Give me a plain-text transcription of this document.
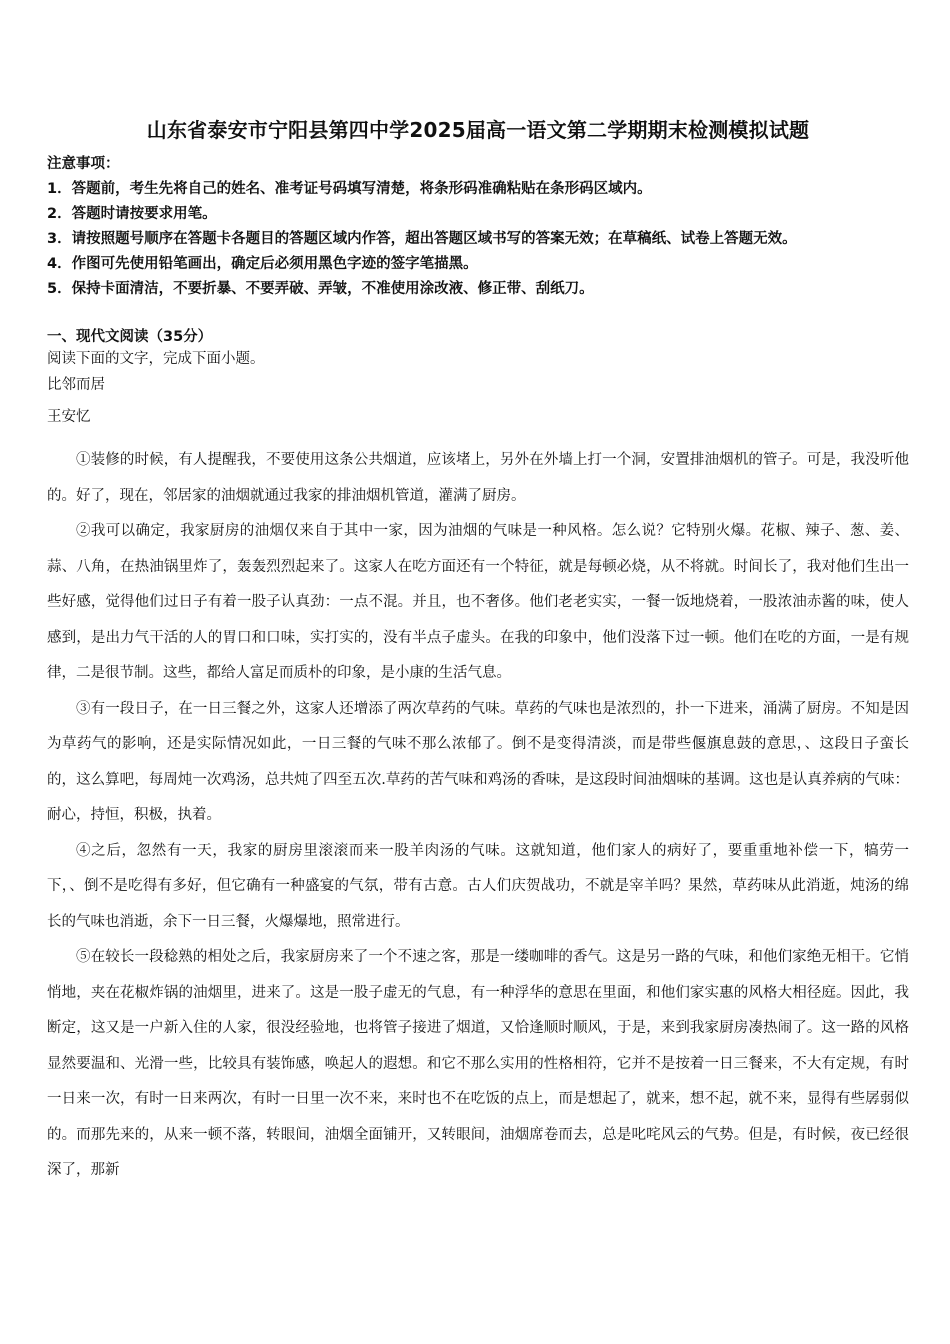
山东省泰安市宁阳县第四中学2025届高一语文第二学期期末检测模拟试题
注意事项：
1．答题前，考生先将自己的姓名、准考证号码填写清楚，将条形码准确粘贴在条形码区域内。
2．答题时请按要求用笔。
3．请按照题号顺序在答题卡各题目的答题区域内作答，超出答题区域书写的答案无效；在草稿纸、试卷上答题无效。
4．作图可先使用铅笔画出，确定后必须用黑色字迹的签字笔描黑。
5．保持卡面清洁，不要折暴、不要弄破、弄皱，不准使用涂改液、修正带、刮纸刀。
一、现代文阅读（35分）
阅读下面的文字，完成下面小题。
比邻而居
王安忆

①装修的时候，有人提醒我，不要使用这条公共烟道，应该堵上，另外在外墙上打一个洞，安置排油烟机的管子。可是，我没听他的。好了，现在，邻居家的油烟就通过我家的排油烟机管道，灌满了厨房。

②我可以确定，我家厨房的油烟仅来自于其中一家，因为油烟的气味是一种风格。怎么说？它特别火爆。花椒、辣子、葱、姜、蒜、八角，在热油锅里炸了，轰轰烈烈起来了。这家人在吃方面还有一个特征，就是每顿必烧，从不将就。时间长了，我对他们生出一些好感，觉得他们过日子有着一股子认真劲：一点不混。并且，也不奢侈。他们老老实实，一餐一饭地烧着，一股浓油赤酱的味，使人感到，是出力气干活的人的胃口和口味，实打实的，没有半点子虚头。在我的印象中，他们没落下过一顿。他们在吃的方面，一是有规律，二是很节制。这些，都给人富足而质朴的印象，是小康的生活气息。

③有一段日子，在一日三餐之外，这家人还增添了两次草药的气味。草药的气味也是浓烈的，扑一下进来，涌满了厨房。不知是因为草药气的影响，还是实际情况如此，一日三餐的气味不那么浓郁了。倒不是变得清淡，而是带些偃旗息鼓的意思，、这段日子蛮长的，这么算吧，每周炖一次鸡汤，总共炖了四至五次.草药的苦气味和鸡汤的香味，是这段时间油烟味的基调。这也是认真养病的气味：耐心，持恒，积极，执着。

④之后，忽然有一天，我家的厨房里滚滚而来一股羊肉汤的气味。这就知道，他们家人的病好了，要重重地补偿一下，犒劳一下，、倒不是吃得有多好，但它确有一种盛宴的气氛，带有古意。古人们庆贺战功，不就是宰羊吗？果然，草药味从此消逝，炖汤的绵长的气味也消逝，余下一日三餐，火爆爆地，照常进行。

⑤在较长一段稔熟的相处之后，我家厨房来了一个不速之客，那是一缕咖啡的香气。这是另一路的气味，和他们家绝无相干。它悄悄地，夹在花椒炸锅的油烟里，进来了。这是一股子虚无的气息，有一种浮华的意思在里面，和他们家实惠的风格大相径庭。因此，我断定，这又是一户新入住的人家，很没经验地，也将管子接进了烟道，又恰逢顺时顺风，于是，来到我家厨房凑热闹了。这一路的风格显然要温和、光滑一些，比较具有装饰感，唤起人的遐想。和它不那么实用的性格相符，它并不是按着一日三餐来，不大有定规，有时一日来一次，有时一日来两次，有时一日里一次不来，来时也不在吃饭的点上，而是想起了，就来，想不起，就不来，显得有些孱弱似的。而那先来的，从来一顿不落，转眼间，油烟全面铺开，又转眼间，油烟席卷而去，总是叱咤风云的气势。但是，有时候，夜已经很深了，那新
